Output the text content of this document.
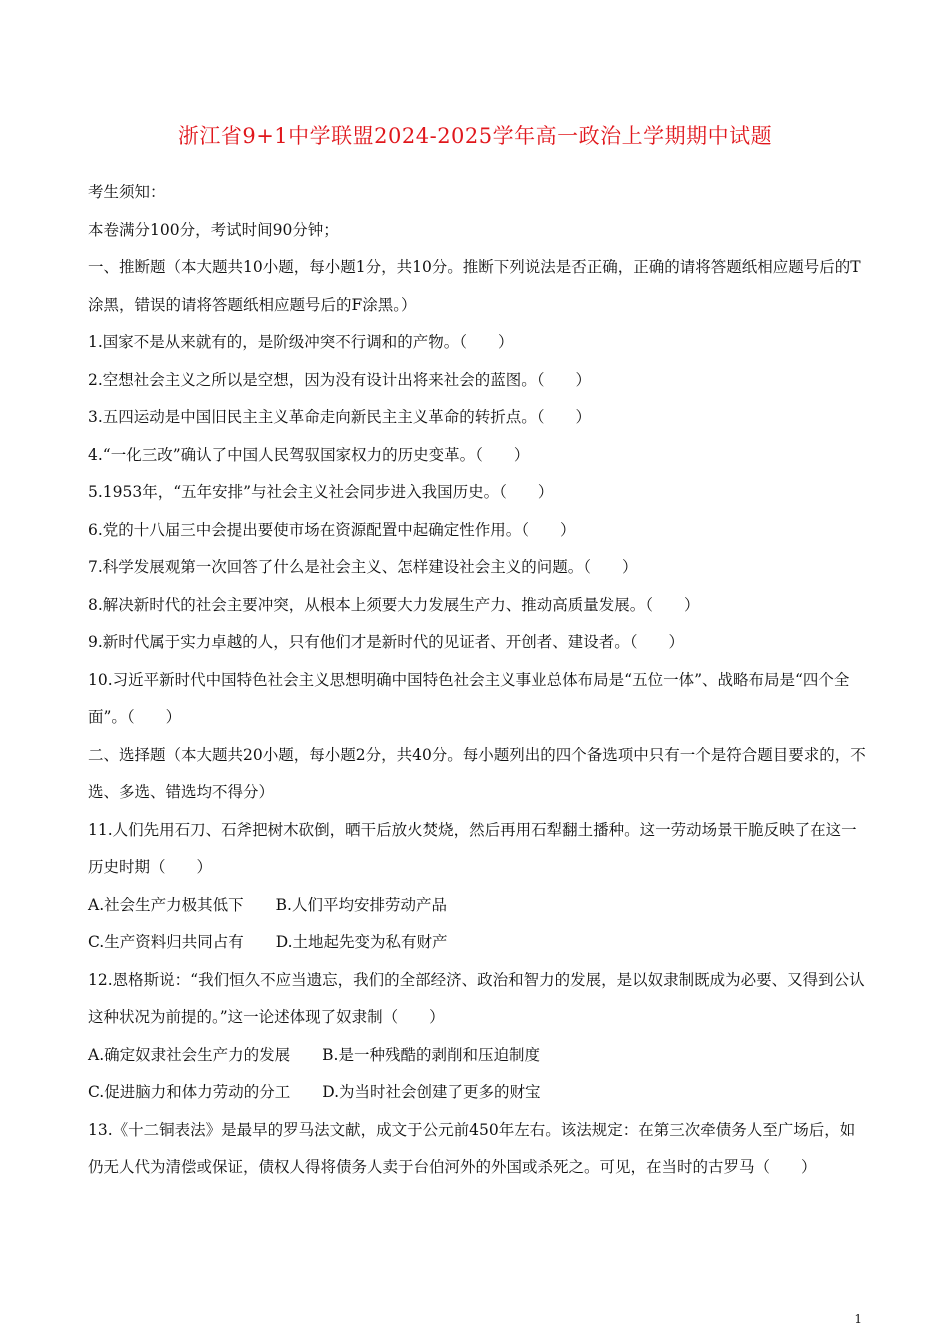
浙江省9+1中学联盟2024-2025学年高一政治上学期期中试题
考生须知：
本卷满分100分，考试时间90分钟；
一、推断题（本大题共10小题，每小题1分，共10分。推断下列说法是否正确，正确的请将答题纸相应题号后的T涂黑，错误的请将答题纸相应题号后的F涂黑。）
1.国家不是从来就有的，是阶级冲突不行调和的产物。（　　）
2.空想社会主义之所以是空想，因为没有设计出将来社会的蓝图。（　　）
3.五四运动是中国旧民主主义革命走向新民主主义革命的转折点。（　　）
4.“一化三改”确认了中国人民驾驭国家权力的历史变革。（　　）
5.1953年，“五年安排”与社会主义社会同步进入我国历史。（　　）
6.党的十八届三中会提出要使市场在资源配置中起确定性作用。（　　）
7.科学发展观第一次回答了什么是社会主义、怎样建设社会主义的问题。（　　）
8.解决新时代的社会主要冲突，从根本上须要大力发展生产力、推动高质量发展。（　　）
9.新时代属于实力卓越的人，只有他们才是新时代的见证者、开创者、建设者。（　　）
10.习近平新时代中国特色社会主义思想明确中国特色社会主义事业总体布局是“五位一体”、战略布局是“四个全面”。（　　）
二、选择题（本大题共20小题，每小题2分，共40分。每小题列出的四个备选项中只有一个是符合题目要求的，不选、多选、错选均不得分）
11.人们先用石刀、石斧把树木砍倒，晒干后放火焚烧，然后再用石犁翻土播种。这一劳动场景干脆反映了在这一历史时期（　　）
A.社会生产力极其低下 B.人们平均安排劳动产品
C.生产资料归共同占有 D.土地起先变为私有财产
12.恩格斯说：“我们恒久不应当遗忘，我们的全部经济、政治和智力的发展，是以奴隶制既成为必要、又得到公认这种状况为前提的。”这一论述体现了奴隶制（　　）
A.确定奴隶社会生产力的发展 B.是一种残酷的剥削和压迫制度
C.促进脑力和体力劳动的分工 D.为当时社会创建了更多的财宝
13.《十二铜表法》是最早的罗马法文献，成文于公元前450年左右。该法规定：在第三次牵债务人至广场后，如仍无人代为清偿或保证，债权人得将债务人卖于台伯河外的外国或杀死之。可见，在当时的古罗马（　　）
1
